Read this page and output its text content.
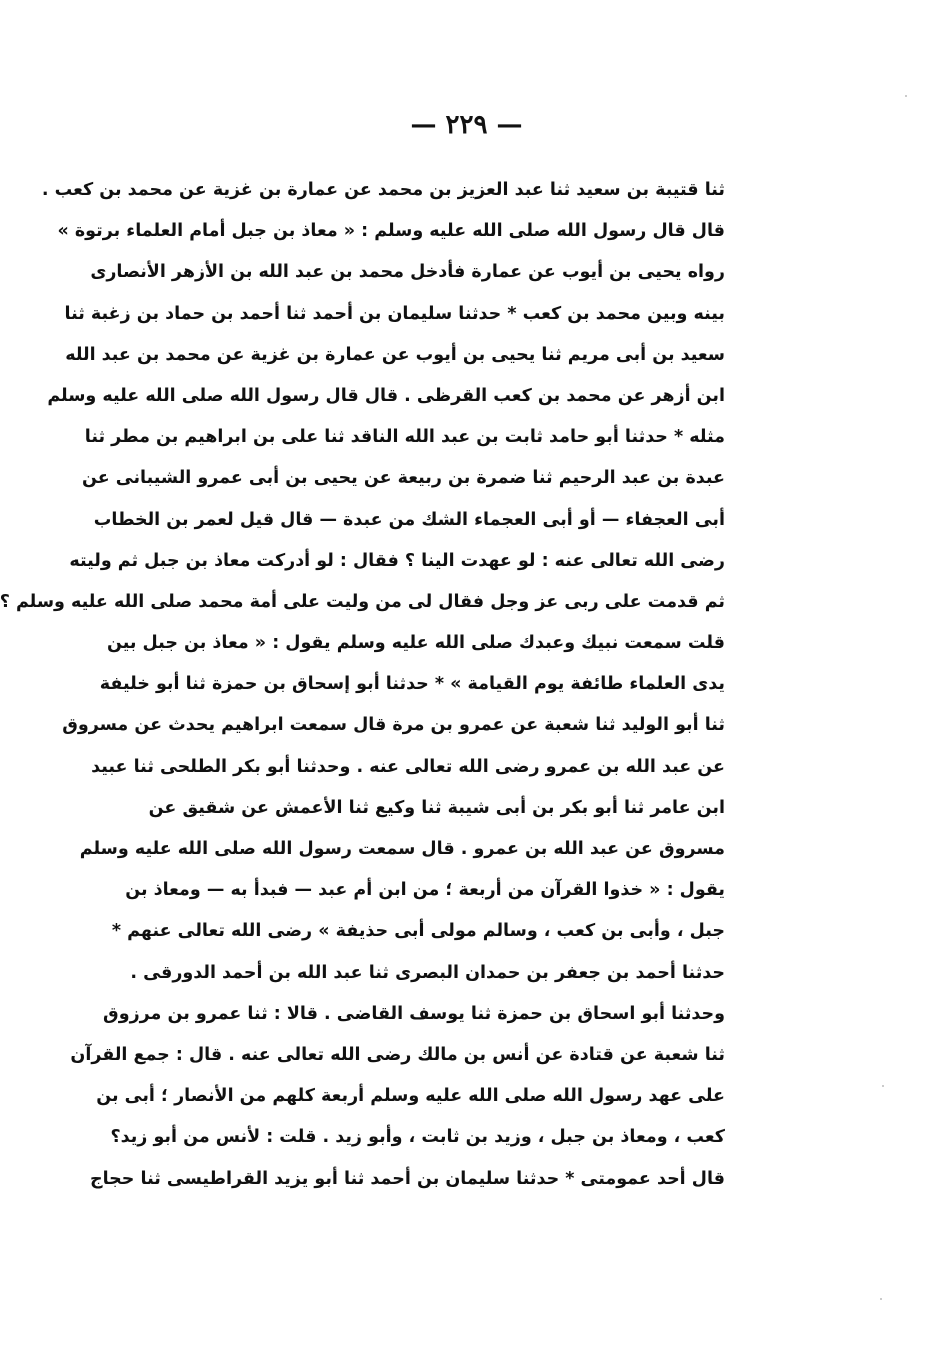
— ٢٢٩ —
ثنا قتيبة بن سعيد ثنا عبد العزيز بن محمد عن عمارة بن غزية عن محمد بن كعب .
قال قال رسول الله صلى الله عليه وسلم : « معاذ بن جبل أمام العلماء برتوة »
رواه يحيى بن أيوب عن عمارة فأدخل محمد بن عبد الله بن الأزهر الأنصارى
بينه وبين محمد بن كعب * حدثنا سليمان بن أحمد ثنا أحمد بن حماد بن زغبة ثنا
سعيد بن أبى مريم ثنا يحيى بن أيوب عن عمارة بن غزية عن محمد بن عبد الله
ابن أزهر عن محمد بن كعب القرظى . قال قال رسول الله صلى الله عليه وسلم
مثله * حدثنا أبو حامد ثابت بن عبد الله الناقد ثنا على بن ابراهيم بن مطر ثنا
عبدة بن عبد الرحيم ثنا ضمرة بن ربيعة عن يحيى بن أبى عمرو الشيبانى عن
أبى العجفاء — أو أبى العجماء الشك من عبدة — قال قيل لعمر بن الخطاب
رضى الله تعالى عنه : لو عهدت الينا ؟ فقال : لو أدركت معاذ بن جبل ثم وليته
ثم قدمت على ربى عز وجل فقال لى من وليت على أمة محمد صلى الله عليه وسلم ؟
قلت سمعت نبيك وعبدك صلى الله عليه وسلم يقول : « معاذ بن جبل بين
يدى العلماء طائفة يوم القيامة » * حدثنا أبو إسحاق بن حمزة ثنا أبو خليفة
ثنا أبو الوليد ثنا شعبة عن عمرو بن مرة قال سمعت ابراهيم يحدث عن مسروق
عن عبد الله بن عمرو رضى الله تعالى عنه . وحدثنا أبو بكر الطلحى ثنا عبيد
ابن عامر ثنا أبو بكر بن أبى شيبة ثنا وكيع ثنا الأعمش عن شقيق عن
مسروق عن عبد الله بن عمرو . قال سمعت رسول الله صلى الله عليه وسلم
يقول : « خذوا القرآن من أربعة ؛ من ابن أم عبد — فبدأ به — ومعاذ بن
جبل ، وأبى بن كعب ، وسالم مولى أبى حذيفة » رضى الله تعالى عنهم *
حدثنا أحمد بن جعفر بن حمدان البصرى ثنا عبد الله بن أحمد الدورقى .
وحدثنا أبو اسحاق بن حمزة ثنا يوسف القاضى . قالا : ثنا عمرو بن مرزوق
ثنا شعبة عن قتادة عن أنس بن مالك رضى الله تعالى عنه . قال : جمع القرآن
على عهد رسول الله صلى الله عليه وسلم أربعة كلهم من الأنصار ؛ أبى بن
كعب ، ومعاذ بن جبل ، وزيد بن ثابت ، وأبو زيد . قلت : لأنس من أبو زيد؟
قال أحد عمومتى * حدثنا سليمان بن أحمد ثنا أبو يزيد القراطيسى ثنا حجاج
